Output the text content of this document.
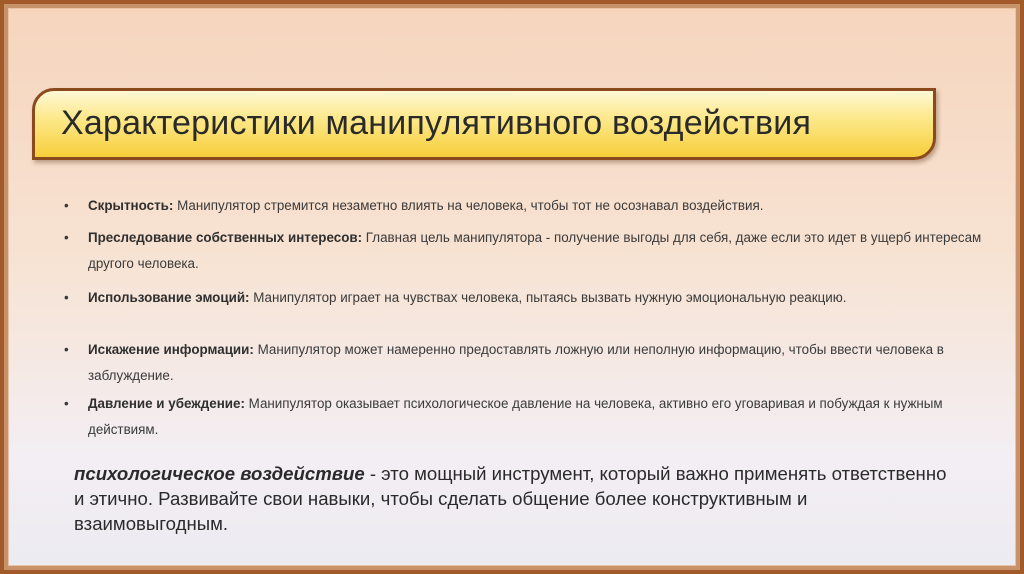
Характеристики манипулятивного воздействия
• Скрытность: Манипулятор стремится незаметно влиять на человека, чтобы тот не осознавал воздействия.
• Преследование собственных интересов: Главная цель манипулятора - получение выгоды для себя, даже если это идет в ущерб интересам другого человека.
• Использование эмоций: Манипулятор играет на чувствах человека, пытаясь вызвать нужную эмоциональную реакцию.
• Искажение информации: Манипулятор может намеренно предоставлять ложную или неполную информацию, чтобы ввести человека в заблуждение.
• Давление и убеждение: Манипулятор оказывает психологическое давление на человека, активно его уговаривая и побуждая к нужным действиям.
психологическое воздействие - это мощный инструмент, который важно применять ответственно и этично. Развивайте свои навыки, чтобы сделать общение более конструктивным и взаимовыгодным.
